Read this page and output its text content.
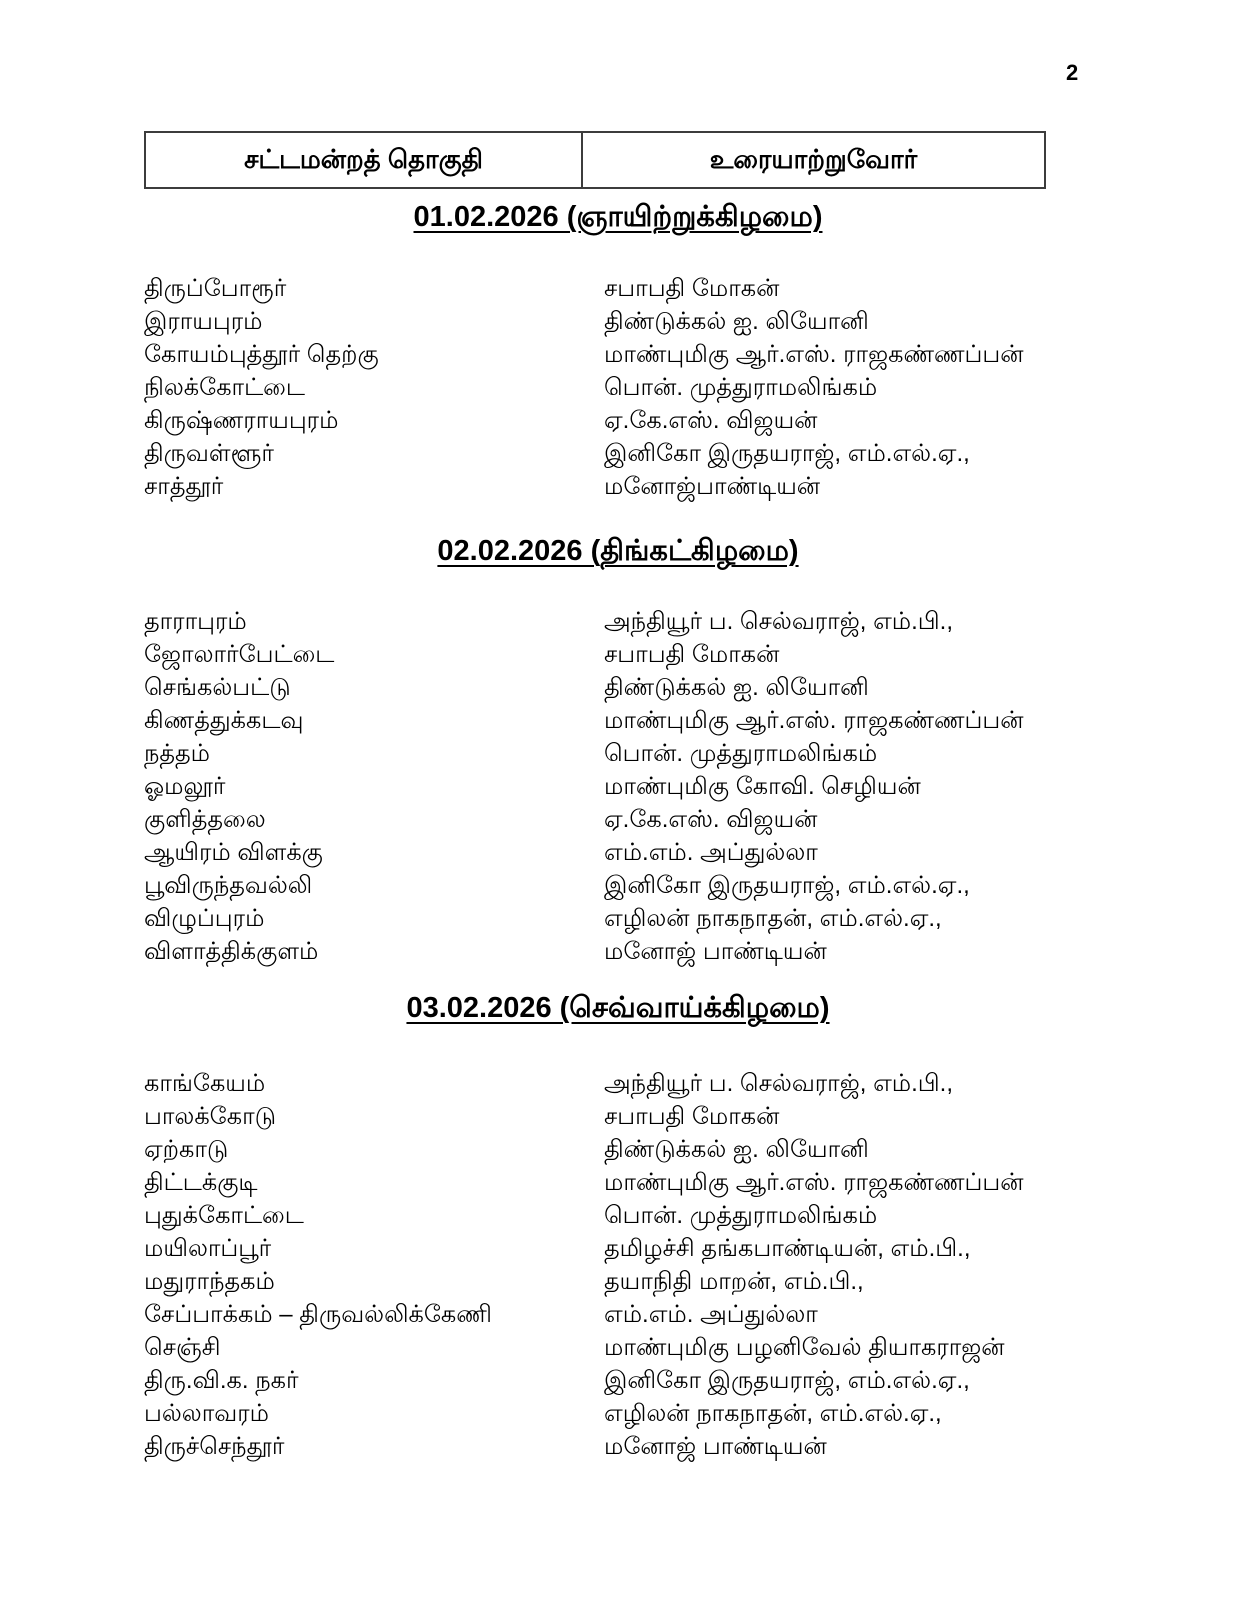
2
சட்டமன்றத் தொகுதி	உரையாற்றுவோர்
01.02.2026 (ஞாயிற்றுக்கிழமை)
திருப்போரூர்	சபாபதி மோகன்
இராயபுரம்	திண்டுக்கல் ஐ. லியோனி
கோயம்புத்தூர் தெற்கு	மாண்புமிகு ஆர்.எஸ். ராஜகண்ணப்பன்
நிலக்கோட்டை	பொன். முத்துராமலிங்கம்
கிருஷ்ணராயபுரம்	ஏ.கே.எஸ். விஜயன்
திருவள்ளூர்	இனிகோ இருதயராஜ், எம்.எல்.ஏ.,
சாத்தூர்	மனோஜ்பாண்டியன்
02.02.2026 (திங்கட்கிழமை)
தாராபுரம்	அந்தியூர் ப. செல்வராஜ், எம்.பி.,
ஜோலார்பேட்டை	சபாபதி மோகன்
செங்கல்பட்டு	திண்டுக்கல் ஐ. லியோனி
கிணத்துக்கடவு	மாண்புமிகு ஆர்.எஸ். ராஜகண்ணப்பன்
நத்தம்	பொன். முத்துராமலிங்கம்
ஓமலூர்	மாண்புமிகு கோவி. செழியன்
குளித்தலை	ஏ.கே.எஸ். விஜயன்
ஆயிரம் விளக்கு	எம்.எம். அப்துல்லா
பூவிருந்தவல்லி	இனிகோ இருதயராஜ், எம்.எல்.ஏ.,
விழுப்புரம்	எழிலன் நாகநாதன், எம்.எல்.ஏ.,
விளாத்திக்குளம்	மனோஜ் பாண்டியன்
03.02.2026 (செவ்வாய்க்கிழமை)
காங்கேயம்	அந்தியூர் ப. செல்வராஜ், எம்.பி.,
பாலக்கோடு	சபாபதி மோகன்
ஏற்காடு	திண்டுக்கல் ஐ. லியோனி
திட்டக்குடி	மாண்புமிகு ஆர்.எஸ். ராஜகண்ணப்பன்
புதுக்கோட்டை	பொன். முத்துராமலிங்கம்
மயிலாப்பூர்	தமிழச்சி தங்கபாண்டியன், எம்.பி.,
மதுராந்தகம்	தயாநிதி மாறன், எம்.பி.,
சேப்பாக்கம் – திருவல்லிக்கேணி	எம்.எம். அப்துல்லா
செஞ்சி	மாண்புமிகு பழனிவேல் தியாகராஜன்
திரு.வி.க. நகர்	இனிகோ இருதயராஜ், எம்.எல்.ஏ.,
பல்லாவரம்	எழிலன் நாகநாதன், எம்.எல்.ஏ.,
திருச்செந்தூர்	மனோஜ் பாண்டியன்
